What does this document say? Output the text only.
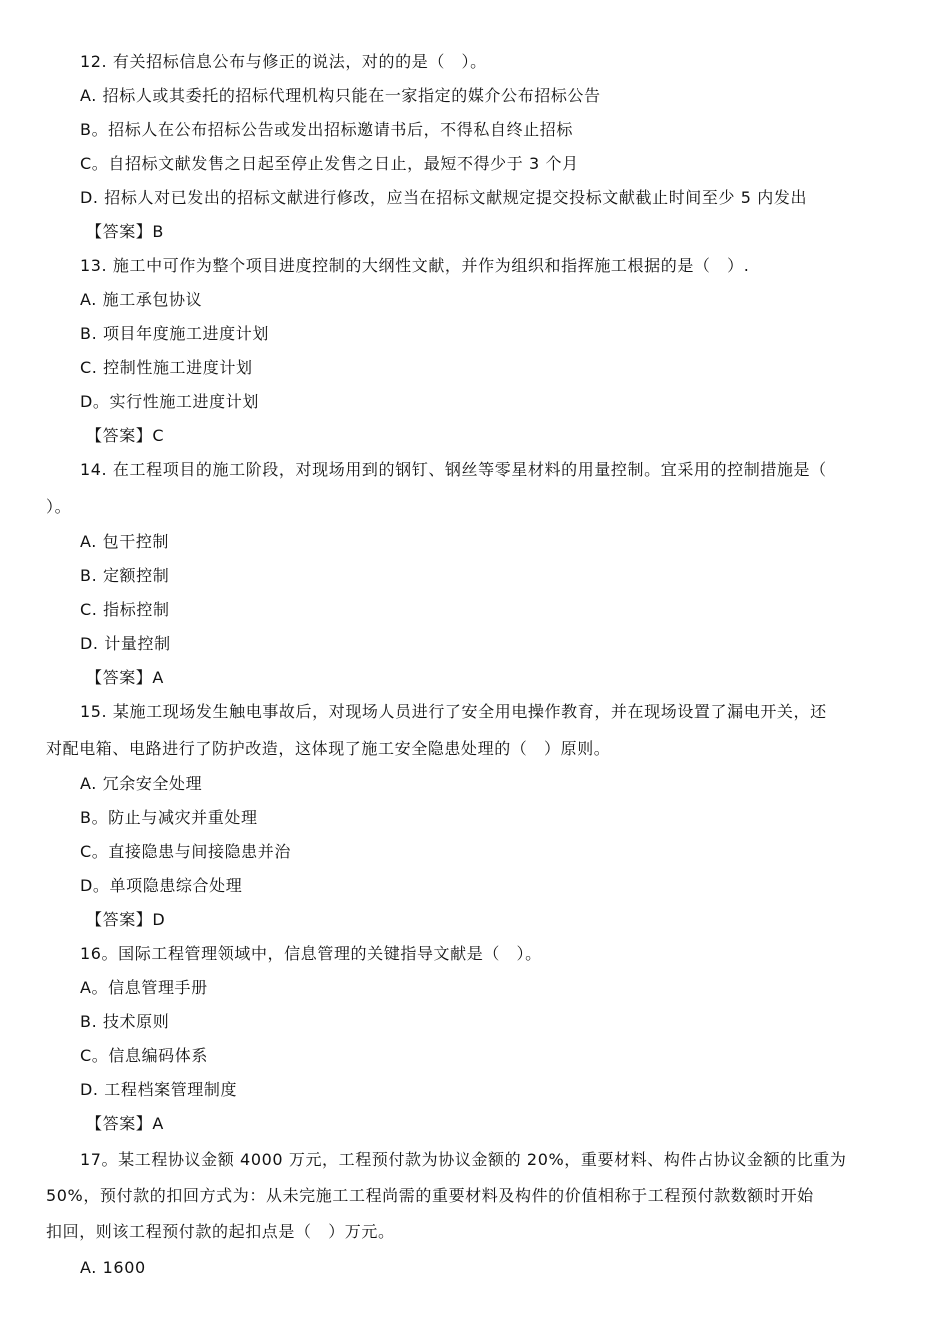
12. 有关招标信息公布与修正的说法，对的的是（　）。
A. 招标人或其委托的招标代理机构只能在一家指定的媒介公布招标公告
B。招标人在公布招标公告或发出招标邀请书后，不得私自终止招标
C。自招标文献发售之日起至停止发售之日止，最短不得少于 3 个月
D. 招标人对已发出的招标文献进行修改，应当在招标文献规定提交投标文献截止时间至少 5 内发出
【答案】B
13. 施工中可作为整个项目进度控制的大纲性文献，并作为组织和指挥施工根据的是（　）.
A. 施工承包协议
B. 项目年度施工进度计划
C. 控制性施工进度计划
D。实行性施工进度计划
【答案】C
14. 在工程项目的施工阶段，对现场用到的钢钉、钢丝等零星材料的用量控制。宜采用的控制措施是（
）。
A. 包干控制
B. 定额控制
C. 指标控制
D. 计量控制
【答案】A
15. 某施工现场发生触电事故后，对现场人员进行了安全用电操作教育，并在现场设置了漏电开关，还
对配电箱、电路进行了防护改造，这体现了施工安全隐患处理的（　）原则。
A. 冗余安全处理
B。防止与减灾并重处理
C。直接隐患与间接隐患并治
D。单项隐患综合处理
【答案】D
16。国际工程管理领域中，信息管理的关键指导文献是（　）。
A。信息管理手册
B. 技术原则
C。信息编码体系
D. 工程档案管理制度
【答案】A
17。某工程协议金额 4000 万元，工程预付款为协议金额的 20%，重要材料、构件占协议金额的比重为
50%，预付款的扣回方式为：从未完施工工程尚需的重要材料及构件的价值相称于工程预付款数额时开始
扣回，则该工程预付款的起扣点是（　）万元。
A. 1600
